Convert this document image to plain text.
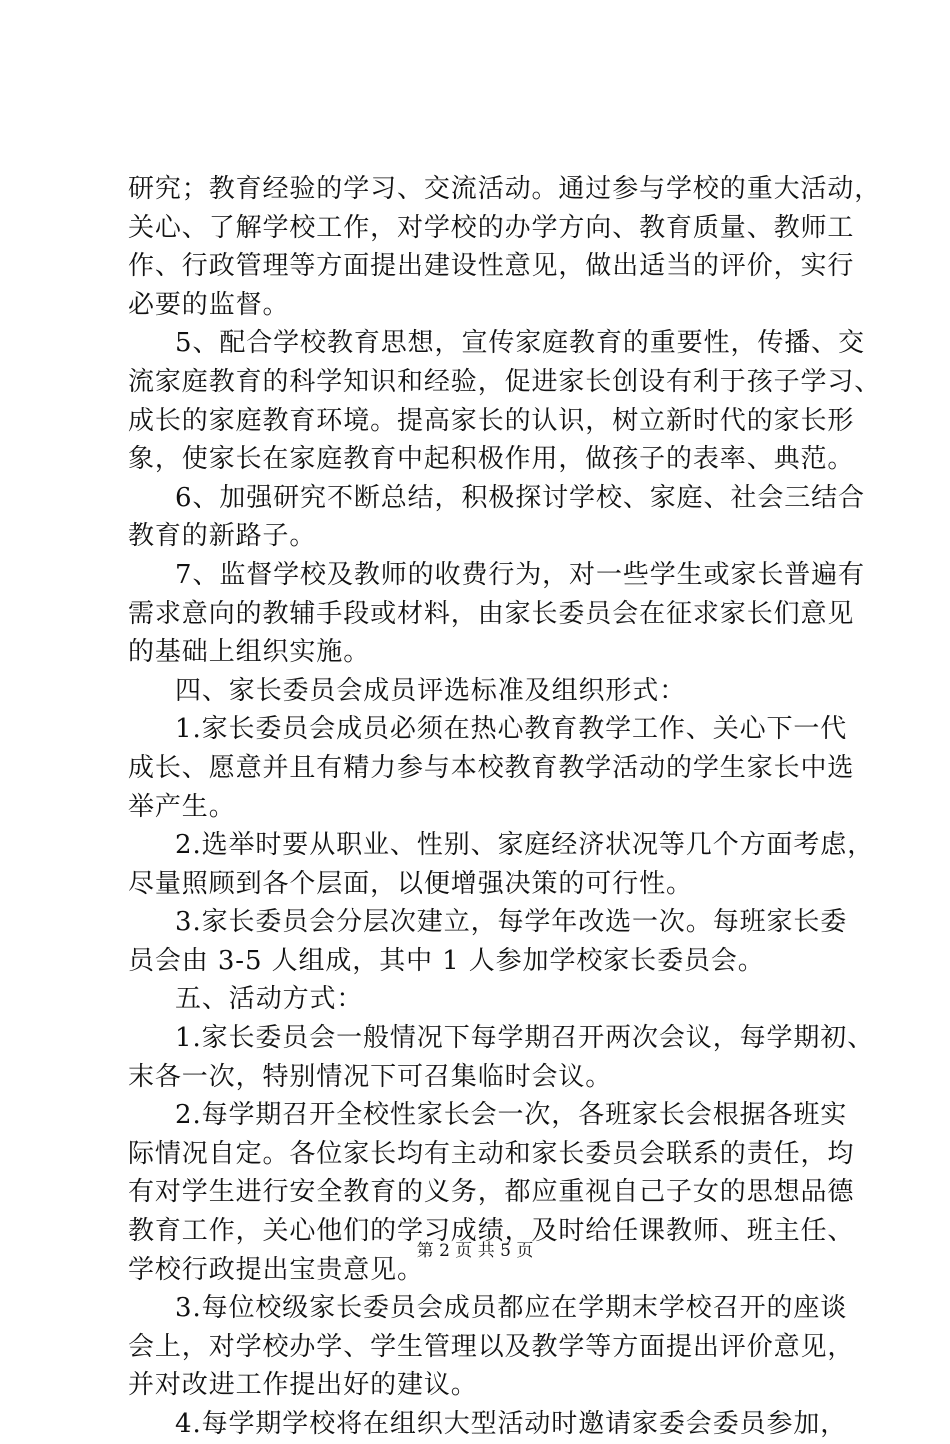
研究；教育经验的学习、交流活动。通过参与学校的重大活动，
关心、了解学校工作，对学校的办学方向、教育质量、教师工
作、行政管理等方面提出建设性意见，做出适当的评价，实行
必要的监督。
5、配合学校教育思想，宣传家庭教育的重要性，传播、交
流家庭教育的科学知识和经验，促进家长创设有利于孩子学习、
成长的家庭教育环境。提高家长的认识，树立新时代的家长形
象，使家长在家庭教育中起积极作用，做孩子的表率、典范。
6、加强研究不断总结，积极探讨学校、家庭、社会三结合
教育的新路子。
7、监督学校及教师的收费行为，对一些学生或家长普遍有
需求意向的教辅手段或材料，由家长委员会在征求家长们意见
的基础上组织实施。
四、家长委员会成员评选标准及组织形式：
1.家长委员会成员必须在热心教育教学工作、关心下一代
成长、愿意并且有精力参与本校教育教学活动的学生家长中选
举产生。
2.选举时要从职业、性别、家庭经济状况等几个方面考虑，
尽量照顾到各个层面，以便增强决策的可行性。
3.家长委员会分层次建立，每学年改选一次。每班家长委
员会由 3-5 人组成，其中 1 人参加学校家长委员会。
五、活动方式：
1.家长委员会一般情况下每学期召开两次会议，每学期初、
末各一次，特别情况下可召集临时会议。
2.每学期召开全校性家长会一次，各班家长会根据各班实
际情况自定。各位家长均有主动和家长委员会联系的责任，均
有对学生进行安全教育的义务，都应重视自己子女的思想品德
教育工作，关心他们的学习成绩，及时给任课教师、班主任、
学校行政提出宝贵意见。
3.每位校级家长委员会成员都应在学期末学校召开的座谈
会上，对学校办学、学生管理以及教学等方面提出评价意见，
并对改进工作提出好的建议。
4.每学期学校将在组织大型活动时邀请家委会委员参加，
第 2 页 共 5 页
